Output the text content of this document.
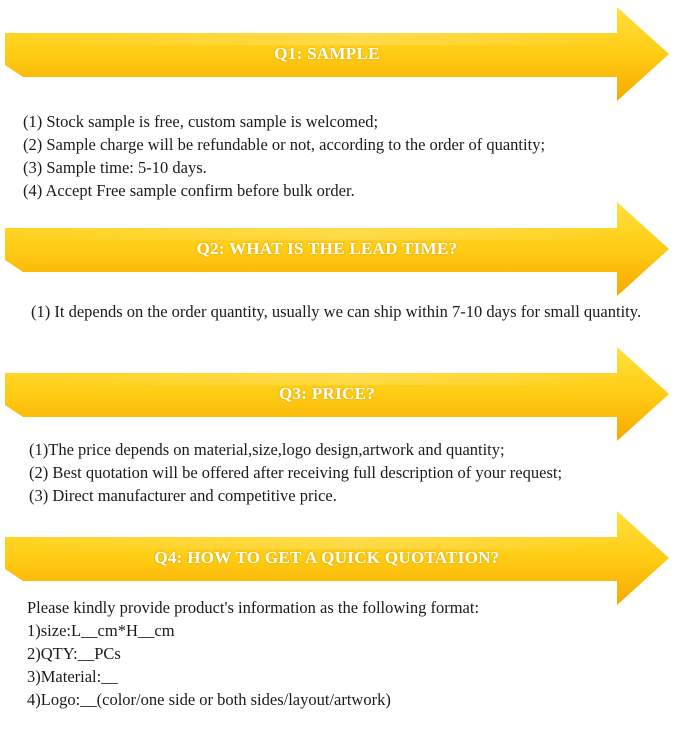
Q1: SAMPLE
(1) Stock sample is free, custom sample is welcomed;
(2) Sample charge will be refundable or not, according to the order of quantity;
(3) Sample time: 5-10 days.
(4) Accept Free sample confirm before bulk order.
Q2: WHAT IS THE LEAD TIME?
(1) It depends on the order quantity, usually we can ship within 7-10 days for small quantity.
Q3: PRICE?
(1)The price depends on material,size,logo design,artwork and quantity;
(2) Best quotation will be offered after receiving full description of your request;
(3) Direct manufacturer and competitive price.
Q4: HOW TO GET A QUICK QUOTATION?
Please kindly provide product's information as the following format:
1)size:L__cm*H__cm
2)QTY:__PCs
3)Material:__
4)Logo:__(color/one side or both sides/layout/artwork)
